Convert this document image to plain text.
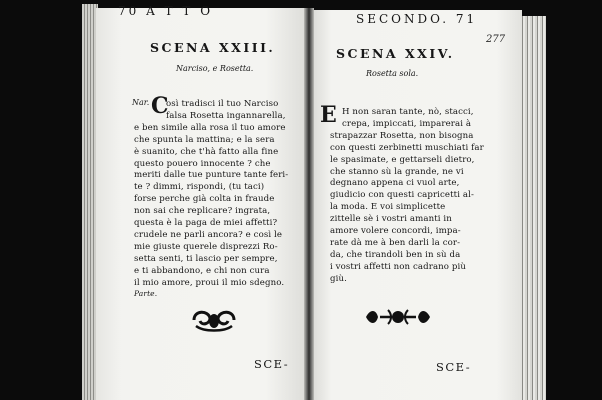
70 A T T O
SCENA XXIII.
Narciso, e Rosetta.
Nar. C
osì tradisci il tuo Narciso
falsa Rosetta ingannarella,
e ben simile alla rosa il tuo amore
che spunta la mattina; e la sera
è suanito, che t'hà fatto alla fine
questo pouero innocente ? che
meriti dalle tue punture tante feri-
te ? dimmi, rispondi, (tu taci)
forse perche già colta in fraude
non sai che replicare? ingrata,
questa è la paga de miei affetti?
crudele ne parli ancora? e così le
mie giuste querele disprezzi Ro-
setta senti, ti lascio per sempre,
e ti abbandono, e chi non cura
il mio amore, proui il mio sdegno.
Parte.
SCE-
SECONDO. 71
277
SCENA XXIV.
Rosetta sola.
E H non saran tante, nò, stacci,
crepa, impiccati, imparerai à
strapazzar Rosetta, non bisogna
con questi zerbinetti muschiati far
le spasimate, e gettarseli dietro,
che stanno sù la grande, ne vi
degnano appena ci vuol arte,
giudicio con questi capricetti al-
la moda. E voi simplicette
zittelle sè i vostri amanti in
amore volere concordi, impa-
rate dà me à ben darli la cor-
da, che tirandoli ben in sù da
i vostri affetti non cadrano più
giù.
SCE-
